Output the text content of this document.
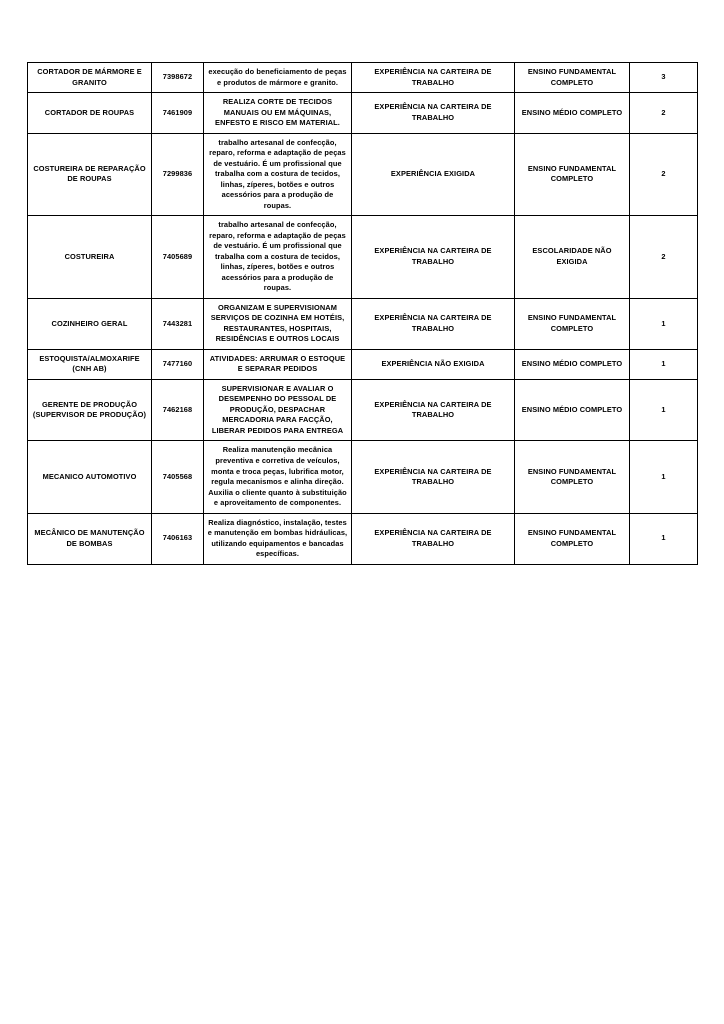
CORTADOR DE MÁRMORE E GRANITO	7398672	execução do beneficiamento de peças e produtos de mármore e granito.	EXPERIÊNCIA NA CARTEIRA DE TRABALHO	ENSINO FUNDAMENTAL COMPLETO	3
CORTADOR DE ROUPAS	7461909	REALIZA CORTE DE TECIDOS MANUAIS OU EM MÁQUINAS, ENFESTO E RISCO EM MATERIAL.	EXPERIÊNCIA NA CARTEIRA DE TRABALHO	ENSINO MÉDIO COMPLETO	2
COSTUREIRA DE REPARAÇÃO DE ROUPAS	7299836	trabalho artesanal de confecção, reparo, reforma e adaptação de peças de vestuário. É um profissional que trabalha com a costura de tecidos, linhas, zíperes, botões e outros acessórios para a produção de roupas.	EXPERIÊNCIA EXIGIDA	ENSINO FUNDAMENTAL COMPLETO	2
COSTUREIRA	7405689	trabalho artesanal de confecção, reparo, reforma e adaptação de peças de vestuário. É um profissional que trabalha com a costura de tecidos, linhas, zíperes, botões e outros acessórios para a produção de roupas.	EXPERIÊNCIA NA CARTEIRA DE TRABALHO	ESCOLARIDADE NÃO EXIGIDA	2
COZINHEIRO GERAL	7443281	ORGANIZAM E SUPERVISIONAM SERVIÇOS DE COZINHA EM HOTÉIS, RESTAURANTES, HOSPITAIS, RESIDÊNCIAS E OUTROS LOCAIS	EXPERIÊNCIA NA CARTEIRA DE TRABALHO	ENSINO FUNDAMENTAL COMPLETO	1
ESTOQUISTA/ALMOXARIFE (CNH AB)	7477160	ATIVIDADES: ARRUMAR O ESTOQUE E SEPARAR PEDIDOS	EXPERIÊNCIA NÃO EXIGIDA	ENSINO MÉDIO COMPLETO	1
GERENTE DE PRODUÇÃO (SUPERVISOR DE PRODUÇÃO)	7462168	SUPERVISIONAR E AVALIAR O DESEMPENHO DO PESSOAL DE PRODUÇÃO, DESPACHAR MERCADORIA PARA FACÇÃO, LIBERAR PEDIDOS PARA ENTREGA	EXPERIÊNCIA NA CARTEIRA DE TRABALHO	ENSINO MÉDIO COMPLETO	1
MECANICO AUTOMOTIVO	7405568	Realiza manutenção mecânica preventiva e corretiva de veículos, monta e troca peças, lubrifica motor, regula mecanismos e alinha direção. Auxilia o cliente quanto à substituição e aproveitamento de componentes.	EXPERIÊNCIA NA CARTEIRA DE TRABALHO	ENSINO FUNDAMENTAL COMPLETO	1
MECÂNICO DE MANUTENÇÃO DE BOMBAS	7406163	Realiza diagnóstico, instalação, testes e manutenção em bombas hidráulicas, utilizando equipamentos e bancadas específicas.	EXPERIÊNCIA NA CARTEIRA DE TRABALHO	ENSINO FUNDAMENTAL COMPLETO	1
